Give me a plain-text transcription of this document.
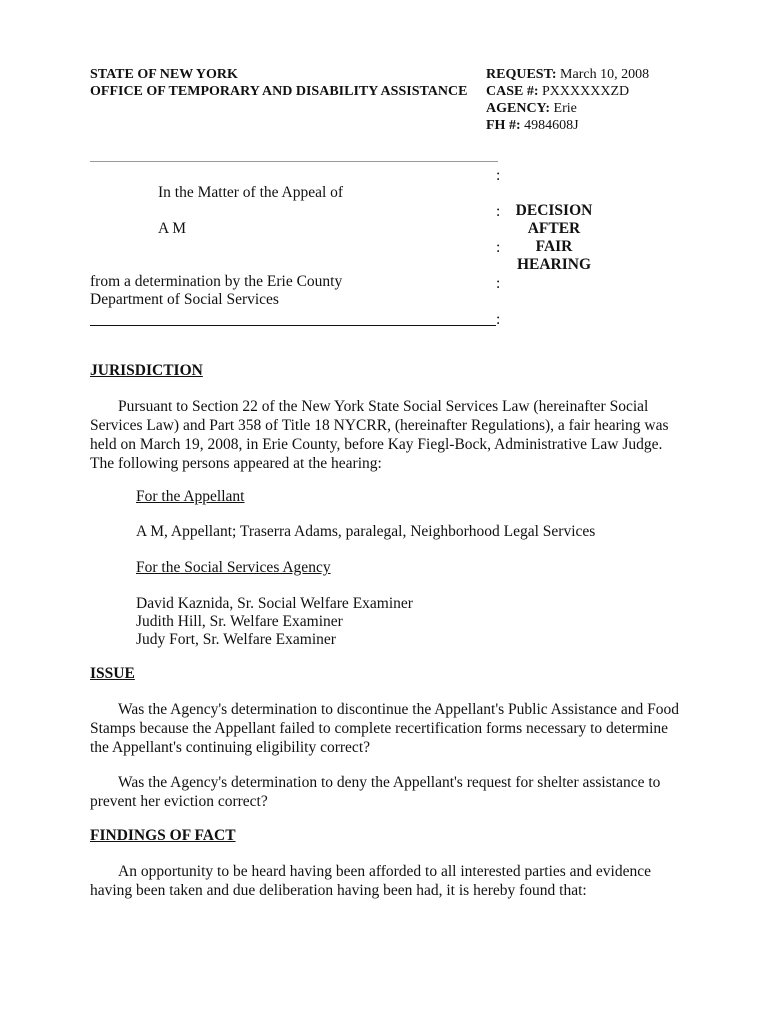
STATE OF NEW YORK
OFFICE OF TEMPORARY AND DISABILITY ASSISTANCE
REQUEST: March 10, 2008
CASE #: PXXXXXXZD
AGENCY: Erie
FH #: 4984608J
:
In the Matter of the Appeal of
:
A M
:
DECISION
AFTER
FAIR
HEARING
from a determination by the Erie County	:
Department of Social Services
:
JURISDICTION
Pursuant to Section 22 of the New York State Social Services Law (hereinafter Social Services Law) and Part 358 of Title 18 NYCRR, (hereinafter Regulations), a fair hearing was held on March 19, 2008, in Erie County, before Kay Fiegl-Bock, Administrative Law Judge. The following persons appeared at the hearing:
For the Appellant
A M, Appellant; Traserra Adams, paralegal, Neighborhood Legal Services
For the Social Services Agency
David Kaznida, Sr. Social Welfare Examiner
Judith Hill, Sr. Welfare Examiner
Judy Fort, Sr. Welfare Examiner
ISSUE
Was the Agency's determination to discontinue the Appellant's Public Assistance and Food Stamps because the Appellant failed to complete recertification forms necessary to determine the Appellant's continuing eligibility correct?
Was the Agency's determination to deny the Appellant's request for shelter assistance to prevent her eviction correct?
FINDINGS OF FACT
An opportunity to be heard having been afforded to all interested parties and evidence having been taken and due deliberation having been had, it is hereby found that:
